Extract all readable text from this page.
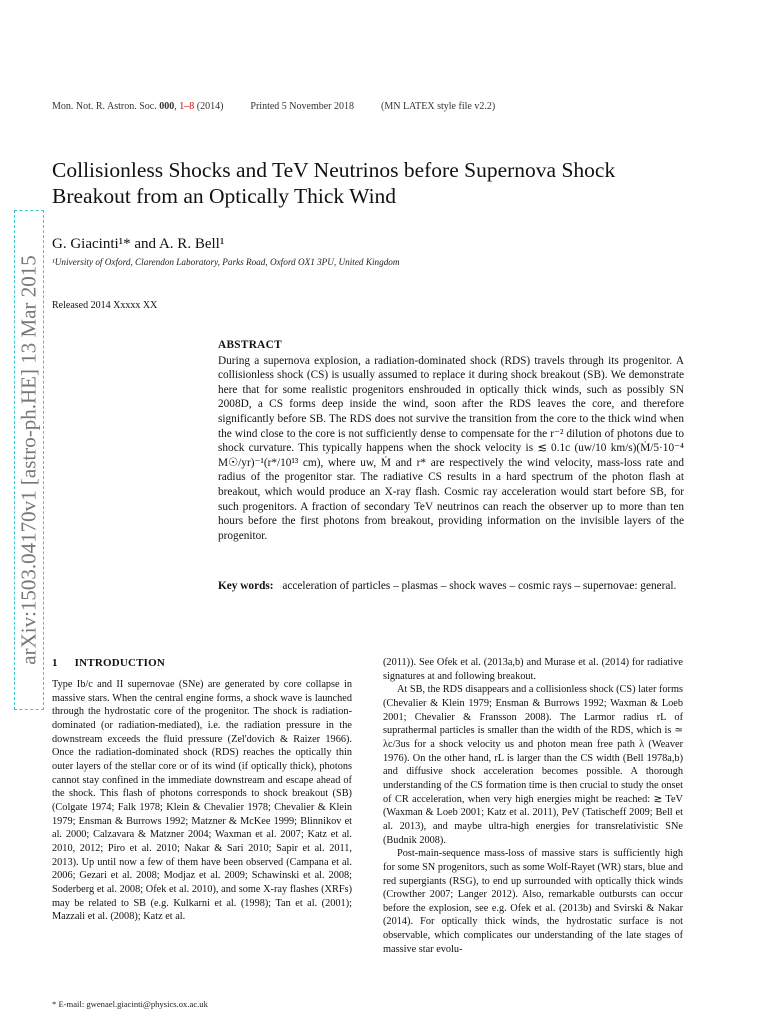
Mon. Not. R. Astron. Soc. 000, 1–8 (2014)	Printed 5 November 2018	(MN LATEX style file v2.2)
Collisionless Shocks and TeV Neutrinos before Supernova Shock Breakout from an Optically Thick Wind
G. Giacinti¹* and A. R. Bell¹
¹University of Oxford, Clarendon Laboratory, Parks Road, Oxford OX1 3PU, United Kingdom
Released 2014 Xxxxx XX
arXiv:1503.04170v1 [astro-ph.HE] 13 Mar 2015	ABSTRACT

During a supernova explosion, a radiation-dominated shock (RDS) travels through its progenitor. A collisionless shock (CS) is usually assumed to replace it during shock breakout (SB). We demonstrate here that for some realistic progenitors enshrouded in optically thick winds, such as possibly SN 2008D, a CS forms deep inside the wind, soon after the RDS leaves the core, and therefore significantly before SB. The RDS does not survive the transition from the core to the thick wind when the wind close to the core is not sufficiently dense to compensate for the r⁻² dilution of photons due to shock curvature. This typically happens when the shock velocity is ≲ 0.1c (uw/10 km/s)(Ṁ/5·10⁻⁴ M☉/yr)⁻¹(r*/10¹³ cm), where uw, Ṁ and r* are respectively the wind velocity, mass-loss rate and radius of the progenitor star. The radiative CS results in a hard spectrum of the photon flash at breakout, which would produce an X-ray flash. Cosmic ray acceleration would start before SB, for such progenitors. A fraction of secondary TeV neutrinos can reach the observer up to more than ten hours before the first photons from breakout, providing information on the invisible layers of the progenitor.

Key words: acceleration of particles – plasmas – shock waves – cosmic rays – supernovae: general.
1 INTRODUCTION

Type Ib/c and II supernovae (SNe) are generated by core collapse in massive stars. When the central engine forms, a shock wave is launched through the hydrostatic core of the progenitor. The shock is radiation-dominated (or radiation-mediated), i.e. the radiation pressure in the downstream exceeds the fluid pressure (Zel'dovich & Raizer 1966). Once the radiation-dominated shock (RDS) reaches the optically thin outer layers of the stellar core or of its wind (if optically thick), photons cannot stay confined in the immediate downstream and escape ahead of the shock. This flash of photons corresponds to shock breakout (SB) (Colgate 1974; Falk 1978; Klein & Chevalier 1978; Chevalier & Klein 1979; Ensman & Burrows 1992; Matzner & McKee 1999; Blinnikov et al. 2000; Calzavara & Matzner 2004; Waxman et al. 2007; Katz et al. 2010, 2012; Piro et al. 2010; Nakar & Sari 2010; Sapir et al. 2011, 2013). Up until now a few of them have been observed (Campana et al. 2006; Gezari et al. 2008; Modjaz et al. 2009; Schawinski et al. 2008; Soderberg et al. 2008; Ofek et al. 2010), and some X-ray flashes (XRFs) may be related to SB (e.g. Kulkarni et al. (1998); Tan et al. (2001); Mazzali et al. (2008); Katz et al.

(2011)). See Ofek et al. (2013a,b) and Murase et al. (2014) for radiative signatures at and following breakout.

At SB, the RDS disappears and a collisionless shock (CS) later forms (Chevalier & Klein 1979; Ensman & Burrows 1992; Waxman & Loeb 2001; Chevalier & Fransson 2008). The Larmor radius rL of suprathermal particles is smaller than the width of the RDS, which is ≃ λc/3us for a shock velocity us and photon mean free path λ (Weaver 1976). On the other hand, rL is larger than the CS width (Bell 1978a,b) and diffusive shock acceleration becomes possible. A thorough understanding of the CS formation time is then crucial to study the onset of CR acceleration, when very high energies might be reached: ≳ TeV (Waxman & Loeb 2001; Katz et al. 2011), PeV (Tatischeff 2009; Bell et al. 2013), and maybe ultra-high energies for transrelativistic SNe (Budnik 2008).

Post-main-sequence mass-loss of massive stars is sufficiently high for some SN progenitors, such as some Wolf-Rayet (WR) stars, blue and red supergiants (RSG), to end up surrounded with optically thick winds (Crowther 2007; Langer 2012). Also, remarkable outbursts can occur before the explosion, see e.g. Ofek et al. (2013b) and Svirski & Nakar (2014). For optically thick winds, the hydrostatic surface is not observable, which complicates our understanding of the late stages of massive star evolu-

* E-mail: gwenael.giacinti@physics.ox.ac.uk
